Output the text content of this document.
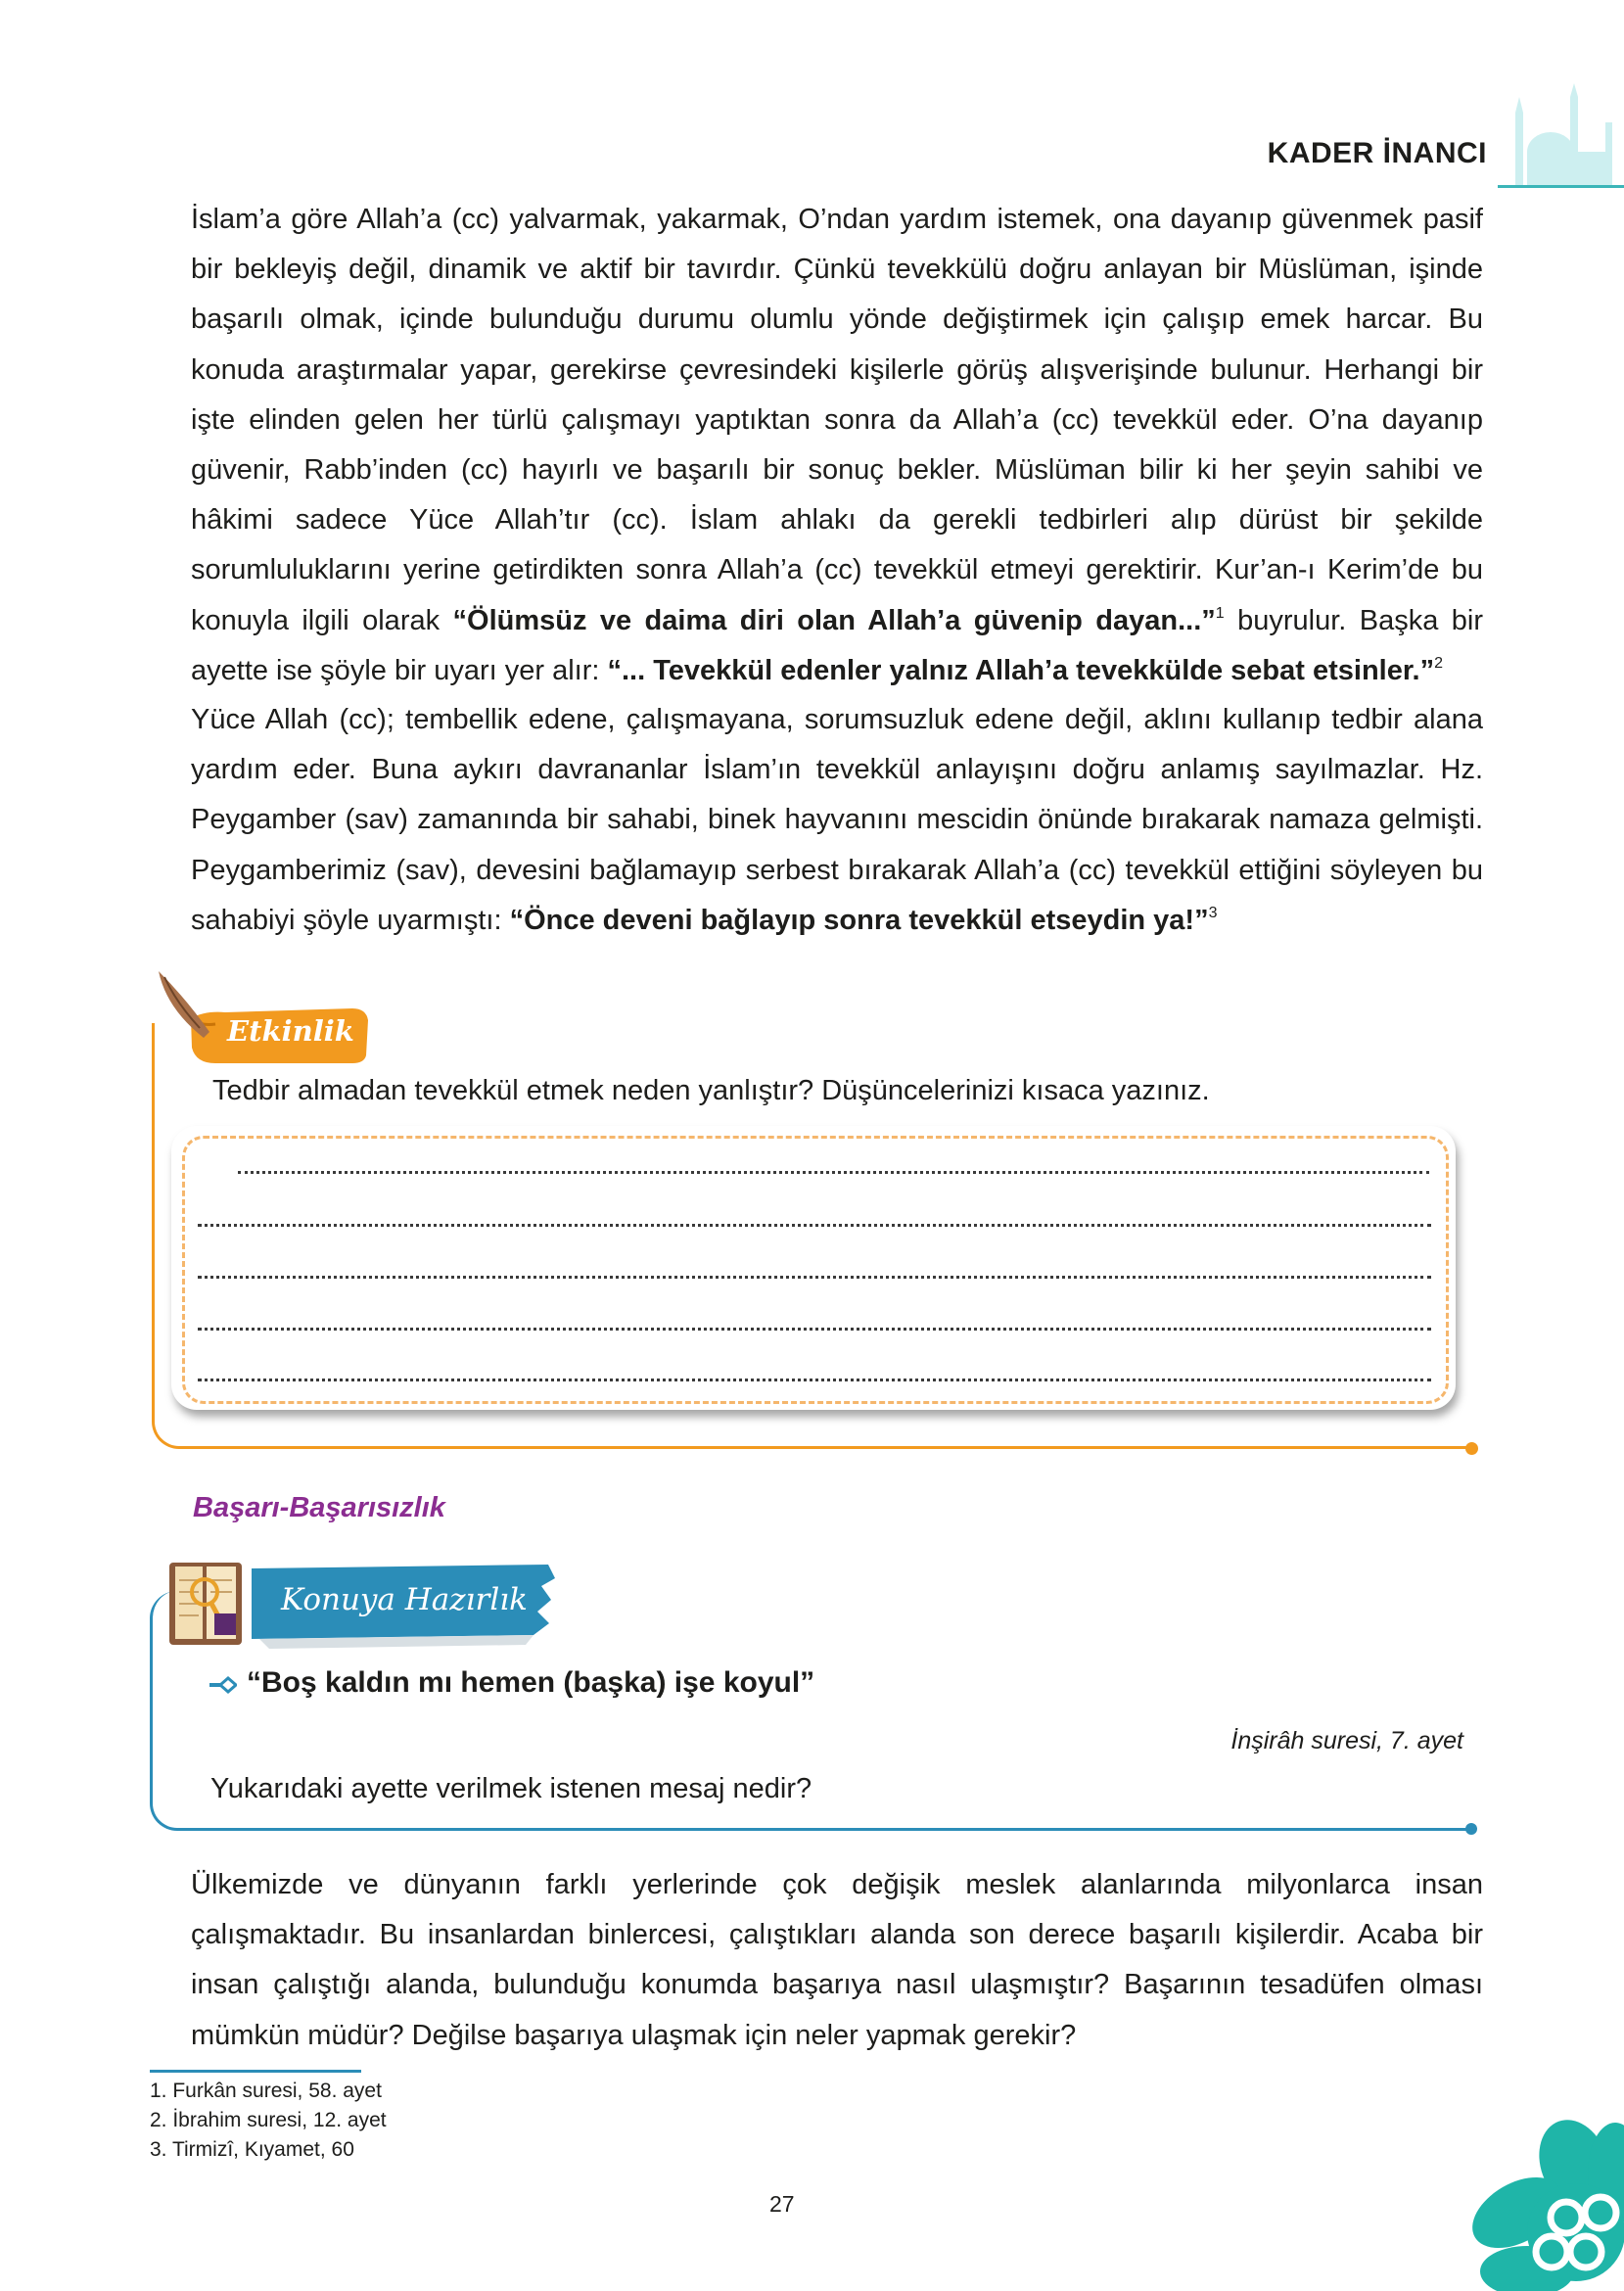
KADER İNANCI
İslam’a göre Allah’a (cc) yalvarmak, yakarmak, O’ndan yardım istemek, ona dayanıp güvenmek pasif bir bekleyiş değil, dinamik ve aktif bir tavırdır. Çünkü tevekkülü doğru anlayan bir Müslüman, işinde başarılı olmak, içinde bulunduğu durumu olumlu yönde değiştirmek için çalışıp emek harcar. Bu konuda araştırmalar yapar, gerekirse çevresindeki kişilerle görüş alışverişinde bulunur. Herhangi bir işte elinden gelen her türlü çalışmayı yaptıktan sonra da Allah’a (cc) tevekkül eder. O’na dayanıp güvenir, Rabb’inden (cc) hayırlı ve başarılı bir sonuç bekler. Müslüman bilir ki her şeyin sahibi ve hâkimi sadece Yüce Allah’tır (cc). İslam ahlakı da gerekli tedbirleri alıp dürüst bir şekilde sorumluluklarını yerine getirdikten sonra Allah’a (cc) tevekkül etmeyi gerektirir. Kur’an-ı Kerim’de bu konuyla ilgili olarak “Ölümsüz ve daima diri olan Allah’a güvenip dayan...”$^1$ buyrulur. Başka bir ayette ise şöyle bir uyarı yer alır: “... Tevekkül edenler yalnız Allah’a tevekkülde sebat etsinler.”$^2$
Yüce Allah (cc); tembellik edene, çalışmayana, sorumsuzluk edene değil, aklını kullanıp tedbir alana yardım eder. Buna aykırı davrananlar İslam’ın tevekkül anlayışını doğru anlamış sayılmazlar. Hz. Peygamber (sav) zamanında bir sahabi, binek hayvanını mescidin önünde bırakarak namaza gelmişti. Peygamberimiz (sav), devesini bağlamayıp serbest bırakarak Allah’a (cc) tevekkül ettiğini söyleyen bu sahabiyi şöyle uyarmıştı: “Önce deveni bağlayıp sonra tevekkül etseydin ya!”$^3$
Etkinlik
Tedbir almadan tevekkül etmek neden yanlıştır? Düşüncelerinizi kısaca yazınız.
Başarı-Başarısızlık
Konuya Hazırlık
“Boş kaldın mı hemen (başka) işe koyul”
İnşirâh suresi, 7. ayet
Yukarıdaki ayette verilmek istenen mesaj nedir?
Ülkemizde ve dünyanın farklı yerlerinde çok değişik meslek alanlarında milyonlarca insan çalışmaktadır. Bu insanlardan binlercesi, çalıştıkları alanda son derece başarılı kişilerdir. Acaba bir insan çalıştığı alanda, bulunduğu konumda başarıya nasıl ulaşmıştır? Başarının tesadüfen olması mümkün müdür? Değilse başarıya ulaşmak için neler yapmak gerekir?
1. Furkân suresi, 58. ayet
2. İbrahim suresi, 12. ayet
3. Tirmizî, Kıyamet, 60
27
